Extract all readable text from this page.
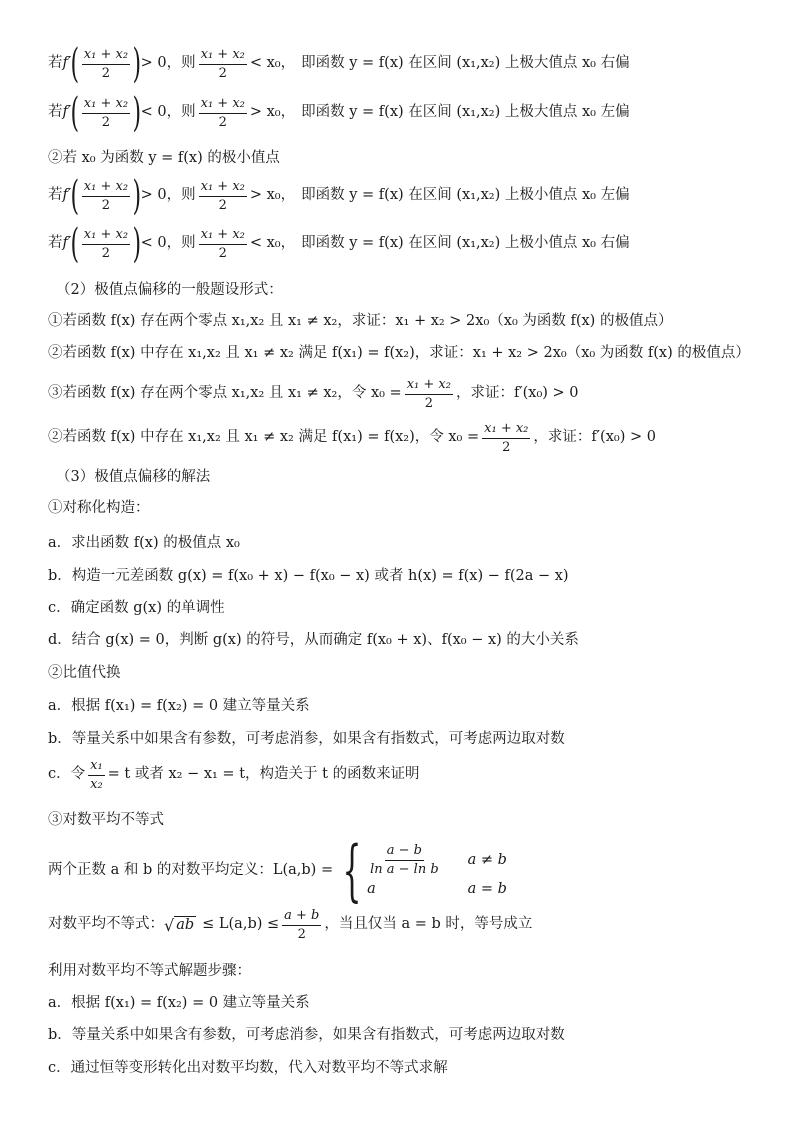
若 f′ ( $\frac{\text{x₁ + x₂}}{2}$ ) > 0，则 $\frac{\text{x₁ + x₂}}{2} < x_0$， 即函数 y = f(x) 在区间 (x₁,x₂) 上极大值点 x₀ 右偏
若 f′ ( $\frac{\text{x₁ + x₂}}{2}$ ) < 0，则 $\frac{\text{x₁ + x₂}}{2} > x_0$， 即函数 y = f(x) 在区间 (x₁,x₂) 上极大值点 x₀ 左偏
②若 x₀ 为函数 y = f(x) 的极小值点
若 f′ ( $\frac{\text{x₁ + x₂}}{2}$ ) > 0，则 $\frac{\text{x₁ + x₂}}{2} > x_0$， 即函数 y = f(x) 在区间 (x₁,x₂) 上极小值点 x₀ 左偏
若 f′ ( $\frac{\text{x₁ + x₂}}{2}$ ) < 0，则 $\frac{\text{x₁ + x₂}}{2} < x_0$， 即函数 y = f(x) 在区间 (x₁,x₂) 上极小值点 x₀ 右偏
（2）极值点偏移的一般题设形式：
①若函数 f(x) 存在两个零点 x₁,x₂ 且 x₁ ≠ x₂，求证：x₁ + x₂ > 2x₀（x₀ 为函数 f(x) 的极值点）
②若函数 f(x) 中存在 x₁,x₂ 且 x₁ ≠ x₂ 满足 f(x₁) = f(x₂)，求证：x₁ + x₂ > 2x₀（x₀ 为函数 f(x) 的极值点）
③若函数 f(x) 存在两个零点 x₁,x₂ 且 x₁ ≠ x₂，令 $x_0 = \frac{\text{x₁ + x₂}}{2}$ ，求证：f′(x₀) > 0
②若函数 f(x) 中存在 x₁,x₂ 且 x₁ ≠ x₂ 满足 f(x₁) = f(x₂)，令 $x_0 = \frac{\text{x₁ + x₂}}{2}$ ，求证：f′(x₀) > 0
（3）极值点偏移的解法
①对称化构造：
a．求出函数 f(x) 的极值点 x₀
b．构造一元差函数 g(x) = f(x₀ + x) − f(x₀ − x) 或者 h(x) = f(x) − f(2a − x)
c．确定函数 g(x) 的单调性
d．结合 g(x) = 0，判断 g(x) 的符号，从而确定 f(x₀ + x)、f(x₀ − x) 的大小关系
②比值代换
a．根据 f(x₁) = f(x₂) = 0 建立等量关系
b．等量关系中如果含有参数，可考虑消参，如果含有指数式，可考虑两边取对数
c．令 $\frac{\text{x₁}}{\text{x₂}} = t$ 或者 x₂ − x₁ = t，构造关于 t 的函数来证明
③对数平均不等式
两个正数 a 和 b 的对数平均定义：L(a,b) = { $\frac{a - b}{\text{ln a − ln b}}$ a ≠ b
a	a = b
对数平均不等式： √ ab ≤ $L(a,b) \le \frac{a + b}{2}$ ，当且仅当 a = b 时，等号成立
利用对数平均不等式解题步骤：
a．根据 f(x₁) = f(x₂) = 0 建立等量关系
b．等量关系中如果含有参数，可考虑消参，如果含有指数式，可考虑两边取对数
c．通过恒等变形转化出对数平均数，代入对数平均不等式求解
